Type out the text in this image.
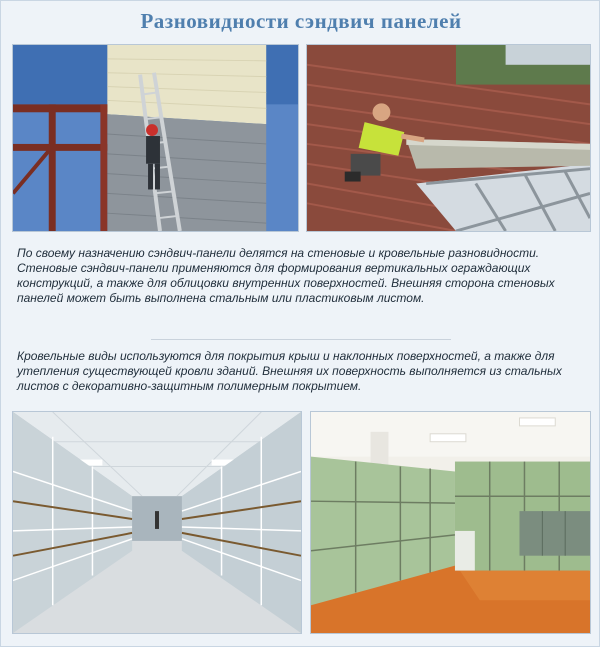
Разновидности сэндвич панелей
По своему назначению сэндвич-панели делятся на стеновые и кровельные разновидности. Стеновые сэндвич-панели применяются для формирования вертикальных ограждающих конструкций, а также для облицовки внутренних поверхностей. Внешняя сторона стеновых панелей может быть выполнена стальным или пластиковым листом.
Кровельные виды используются для покрытия крыш и наклонных поверхностей, а также для утепления существующей кровли зданий. Внешняя их поверхность выполняется из стальных листов с декоративно-защитным полимерным покрытием.
